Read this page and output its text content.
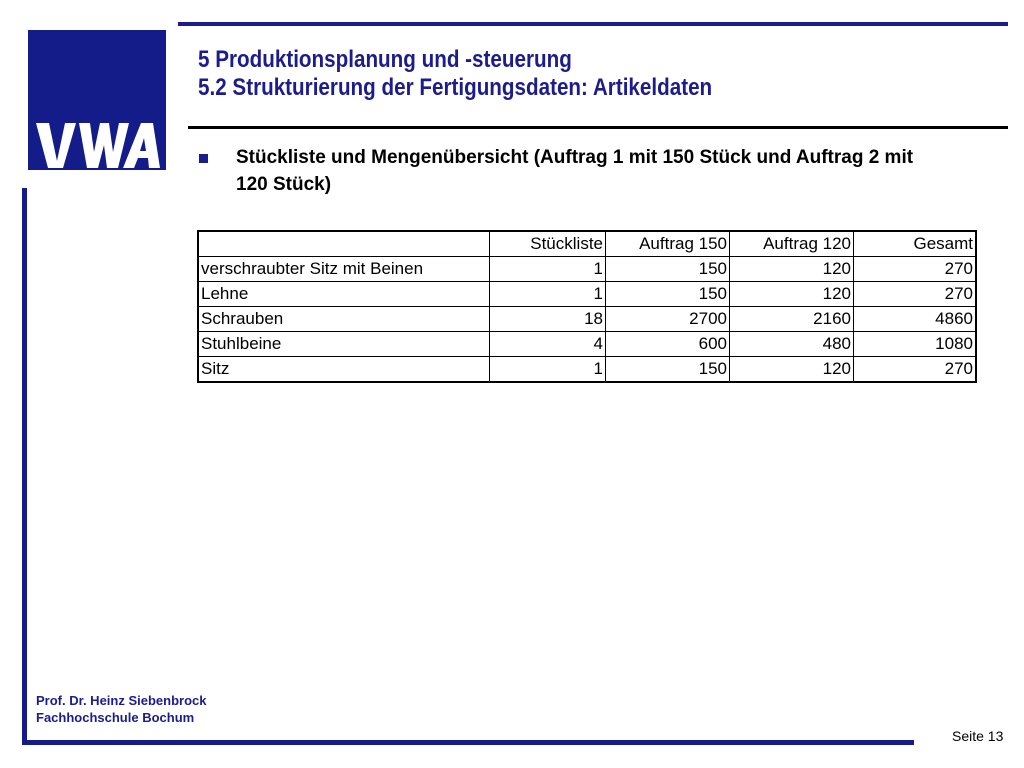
5 Produktionsplanung und -steuerung
5.2 Strukturierung der Fertigungsdaten: Artikeldaten
Stückliste und Mengenübersicht (Auftrag 1 mit 150 Stück und Auftrag 2 mit 120 Stück)
	Stückliste	Auftrag 150	Auftrag 120	Gesamt
verschraubter Sitz mit Beinen	1	150	120	270
Lehne	1	150	120	270
Schrauben	18	2700	2160	4860
Stuhlbeine	4	600	480	1080
Sitz	1	150	120	270
Prof. Dr. Heinz Siebenbrock
Fachhochschule Bochum
Seite 13
